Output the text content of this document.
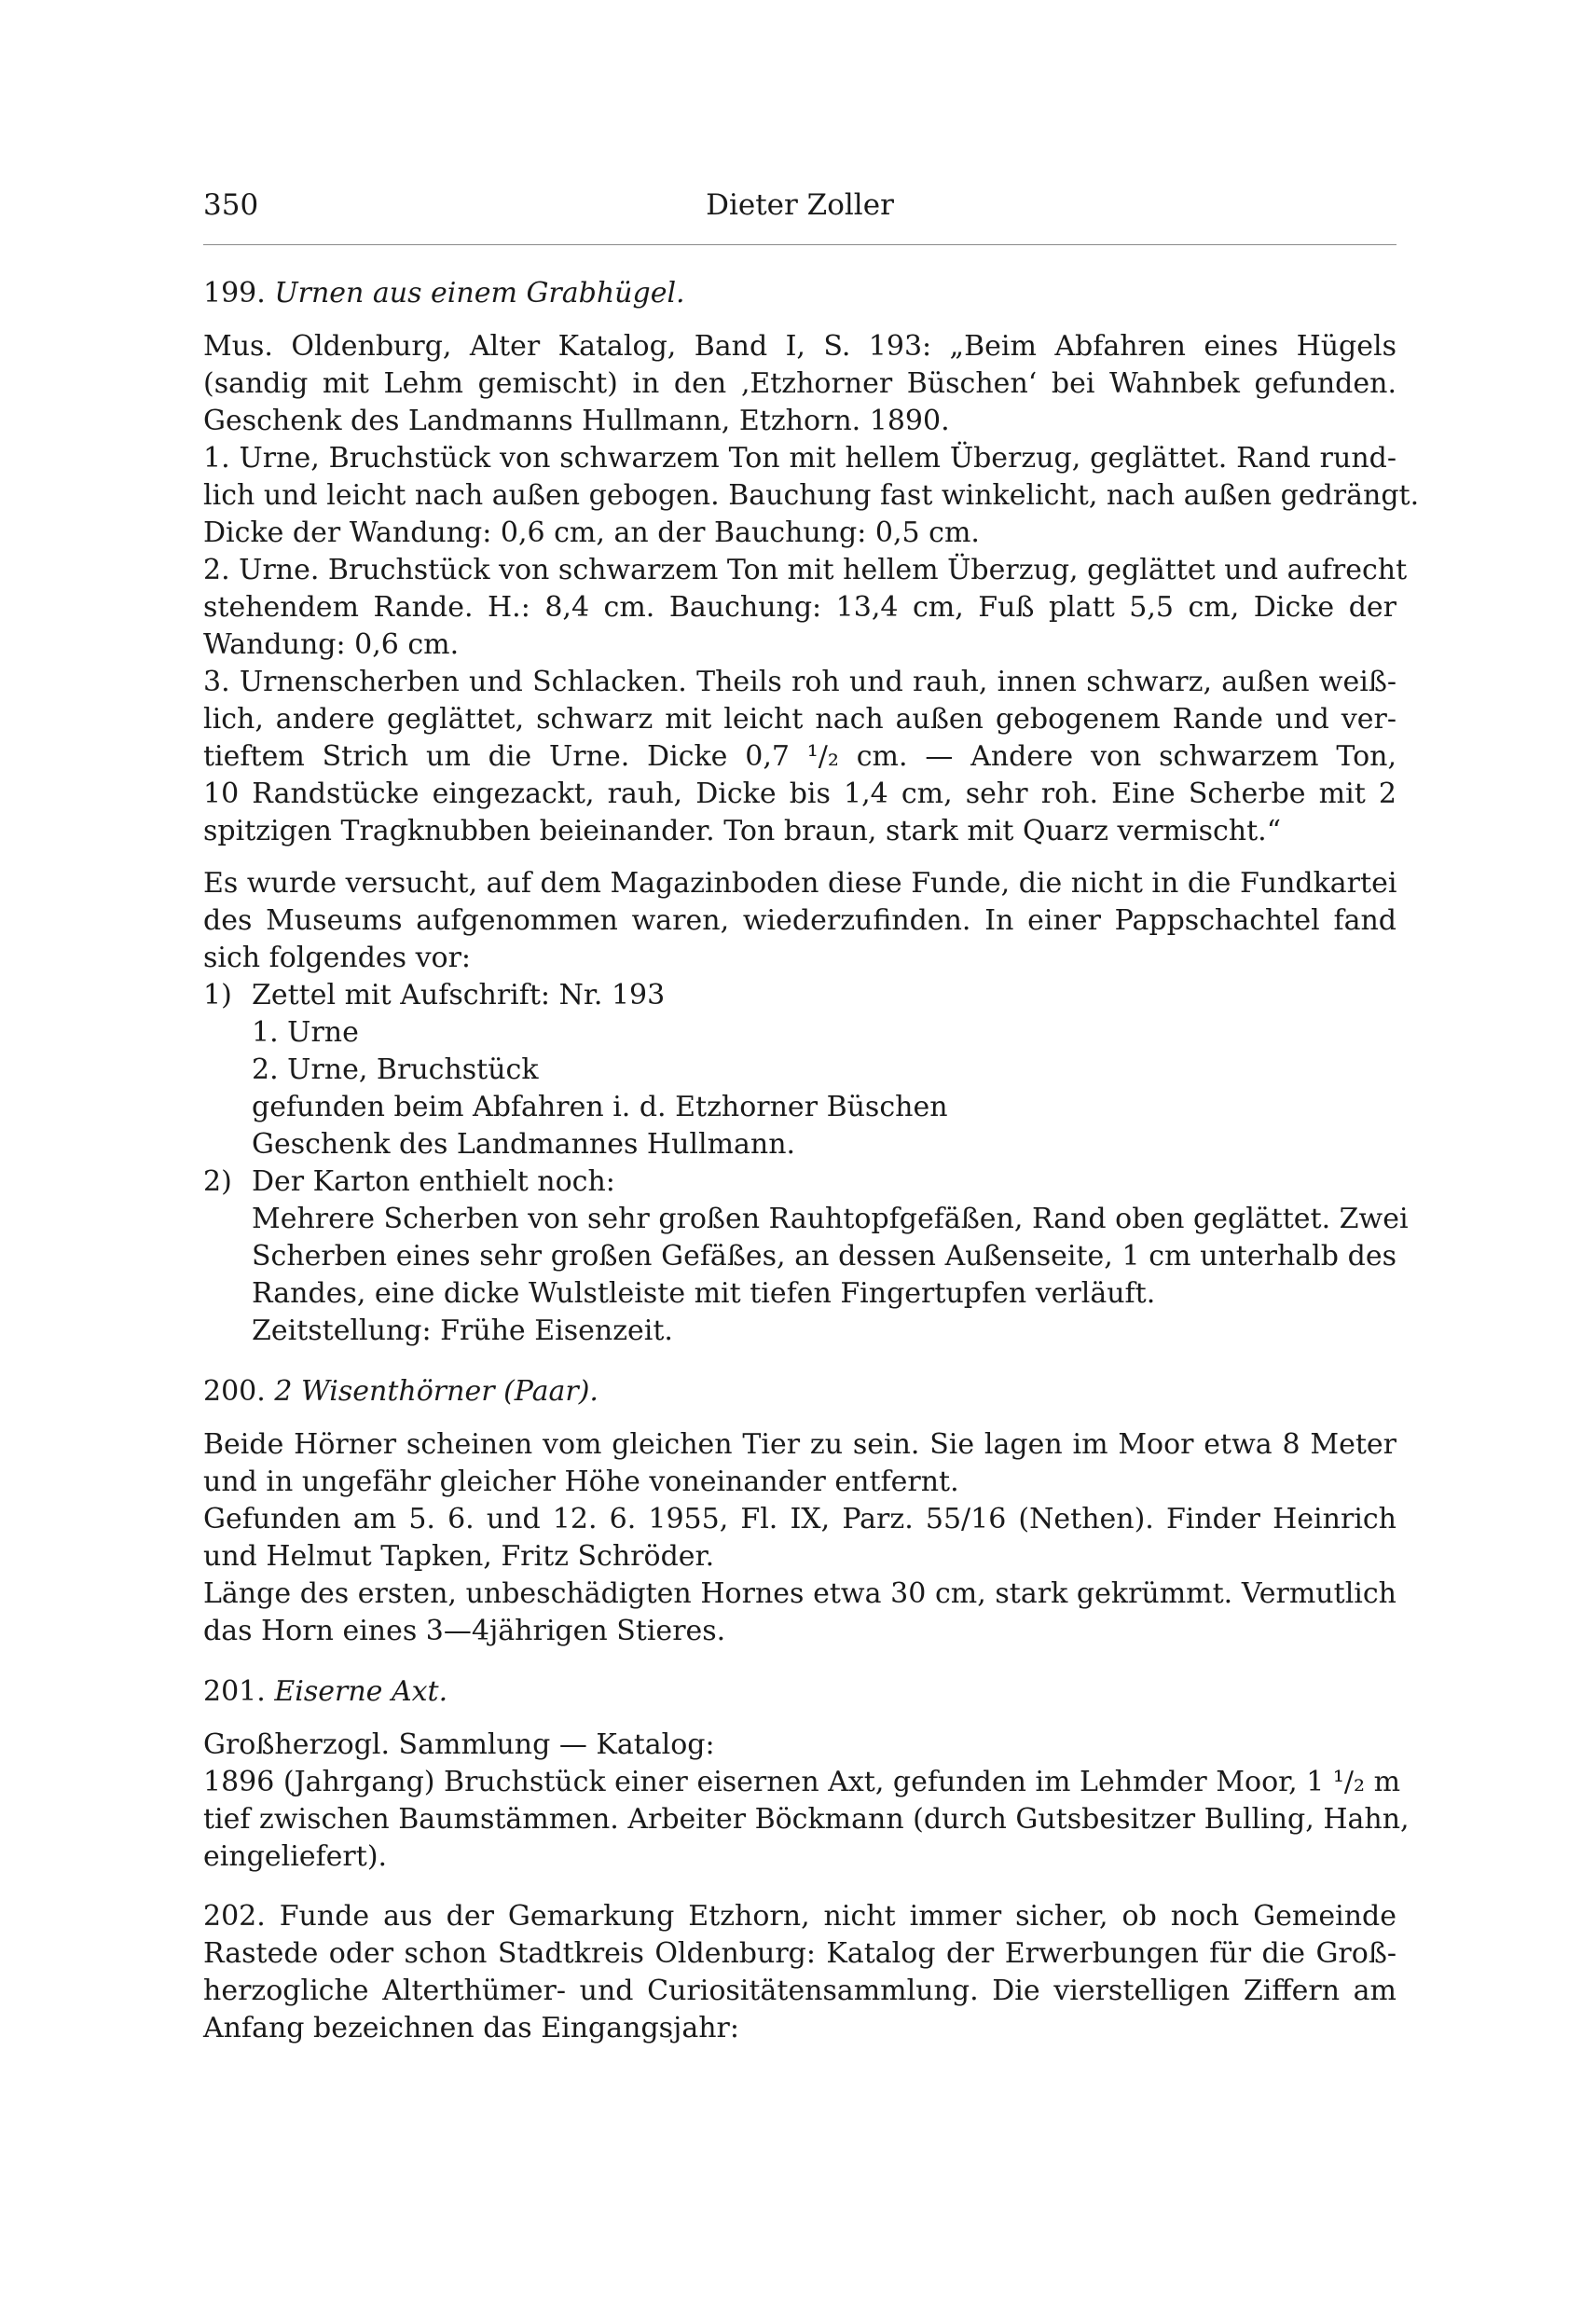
350	Dieter Zoller
199. Urnen aus einem Grabhügel.
Mus. Oldenburg, Alter Katalog, Band I, S. 193: „Beim Abfahren eines Hügels
(sandig mit Lehm gemischt) in den ‚Etzhorner Büschen‘ bei Wahnbek gefunden.
Geschenk des Landmanns Hullmann, Etzhorn. 1890.
1. Urne, Bruchstück von schwarzem Ton mit hellem Überzug, geglättet. Rand rund-
lich und leicht nach außen gebogen. Bauchung fast winkelicht, nach außen gedrängt.
Dicke der Wandung: 0,6 cm, an der Bauchung: 0,5 cm.
2. Urne. Bruchstück von schwarzem Ton mit hellem Überzug, geglättet und aufrecht
stehendem Rande. H.: 8,4 cm. Bauchung: 13,4 cm, Fuß platt 5,5 cm, Dicke der
Wandung: 0,6 cm.
3. Urnenscherben und Schlacken. Theils roh und rauh, innen schwarz, außen weiß-
lich, andere geglättet, schwarz mit leicht nach außen gebogenem Rande und ver-
tieftem Strich um die Urne. Dicke 0,7 ¹/₂ cm. — Andere von schwarzem Ton,
10 Randstücke eingezackt, rauh, Dicke bis 1,4 cm, sehr roh. Eine Scherbe mit 2
spitzigen Tragknubben beieinander. Ton braun, stark mit Quarz vermischt.“
Es wurde versucht, auf dem Magazinboden diese Funde, die nicht in die Fundkartei
des Museums aufgenommen waren, wiederzufinden. In einer Pappschachtel fand
sich folgendes vor:
1) Zettel mit Aufschrift: Nr. 193
1. Urne
2. Urne, Bruchstück
gefunden beim Abfahren i. d. Etzhorner Büschen
Geschenk des Landmannes Hullmann.
2) Der Karton enthielt noch:
Mehrere Scherben von sehr großen Rauhtopfgefäßen, Rand oben geglättet. Zwei
Scherben eines sehr großen Gefäßes, an dessen Außenseite, 1 cm unterhalb des
Randes, eine dicke Wulstleiste mit tiefen Fingertupfen verläuft.
Zeitstellung: Frühe Eisenzeit.
200. 2 Wisenthörner (Paar).
Beide Hörner scheinen vom gleichen Tier zu sein. Sie lagen im Moor etwa 8 Meter
und in ungefähr gleicher Höhe voneinander entfernt.
Gefunden am 5. 6. und 12. 6. 1955, Fl. IX, Parz. 55/16 (Nethen). Finder Heinrich
und Helmut Tapken, Fritz Schröder.
Länge des ersten, unbeschädigten Hornes etwa 30 cm, stark gekrümmt. Vermutlich
das Horn eines 3—4jährigen Stieres.
201. Eiserne Axt.
Großherzogl. Sammlung — Katalog:
1896 (Jahrgang) Bruchstück einer eisernen Axt, gefunden im Lehmder Moor, 1 ¹/₂ m
tief zwischen Baumstämmen. Arbeiter Böckmann (durch Gutsbesitzer Bulling, Hahn,
eingeliefert).
202. Funde aus der Gemarkung Etzhorn, nicht immer sicher, ob noch Gemeinde
Rastede oder schon Stadtkreis Oldenburg: Katalog der Erwerbungen für die Groß-
herzogliche Alterthümer- und Curiositätensammlung. Die vierstelligen Ziffern am
Anfang bezeichnen das Eingangsjahr:
